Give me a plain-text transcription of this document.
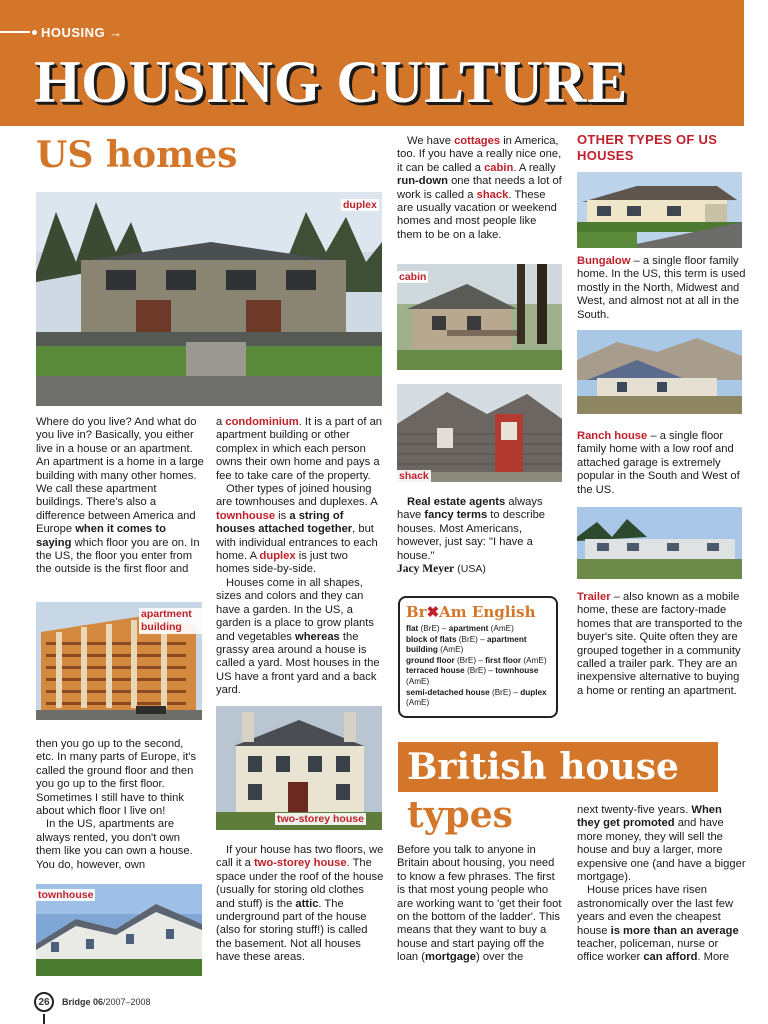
HOUSING →
HOUSING CULTURE
US homes
duplex
Where do you live? And what do you live in? Basically, you either live in a house or an apartment. An apartment is a home in a large building with many other homes. We call these apartment buildings. There's also a difference between America and Europe when it comes to saying which floor you are on. In the US, the floor you enter from the outside is the first floor and
apartment building
then you go up to the second, etc. In many parts of Europe, it's called the ground floor and then you go up to the first floor. Sometimes I still have to think about which floor I live on!
In the US, apartments are always rented, you don't own them like you can own a house. You do, however, own
townhouse
a condominium. It is a part of an apartment building or other complex in which each person owns their own home and pays a fee to take care of the property.
Other types of joined housing are townhouses and duplexes. A townhouse is a string of houses attached together, but with individual entrances to each home. A duplex is just two homes side-by-side.
Houses come in all shapes, sizes and colors and they can have a garden. In the US, a garden is a place to grow plants and vegetables whereas the grassy area around a house is called a yard. Most houses in the US have a front yard and a back yard.
two-storey house
If your house has two floors, we call it a two-storey house. The space under the roof of the house (usually for storing old clothes and stuff) is the attic. The underground part of the house (also for storing stuff!) is called the basement. Not all houses have these areas.
We have cottages in America, too. If you have a really nice one, it can be called a cabin. A really run-down one that needs a lot of work is called a shack. These are usually vacation or weekend homes and most people like them to be on a lake.
cabin
shack
Real estate agents always have fancy terms to describe houses. Most Americans, however, just say: "I have a house."
Jacy Meyer (USA)
Br✖Am English
flat (BrE) – apartment (AmE)
block of flats (BrE) – apartment building (AmE)
ground floor (BrE) – first floor (AmE)
terraced house (BrE) – townhouse (AmE)
semi-detached house (BrE) – duplex (AmE)
OTHER TYPES OF US HOUSES
Bungalow – a single floor family home. In the US, this term is used mostly in the North, Midwest and West, and almost not at all in the South.
Ranch house – a single floor family home with a low roof and attached garage is extremely popular in the South and West of the US.
Trailer – also known as a mobile home, these are factory-made homes that are transported to the buyer's site. Quite often they are grouped together in a community called a trailer park. They are an inexpensive alternative to buying a home or renting an apartment.
British house
types
Before you talk to anyone in Britain about housing, you need to know a few phrases. The first is that most young people who are working want to 'get their foot on the bottom of the ladder'. This means that they want to buy a house and start paying off the loan (mortgage) over the
next twenty-five years. When they get promoted and have more money, they will sell the house and buy a larger, more expensive one (and have a bigger mortgage).
House prices have risen astronomically over the last few years and even the cheapest house is more than an average teacher, policeman, nurse or office worker can afford. More
26	Bridge 06 /2007–2008
